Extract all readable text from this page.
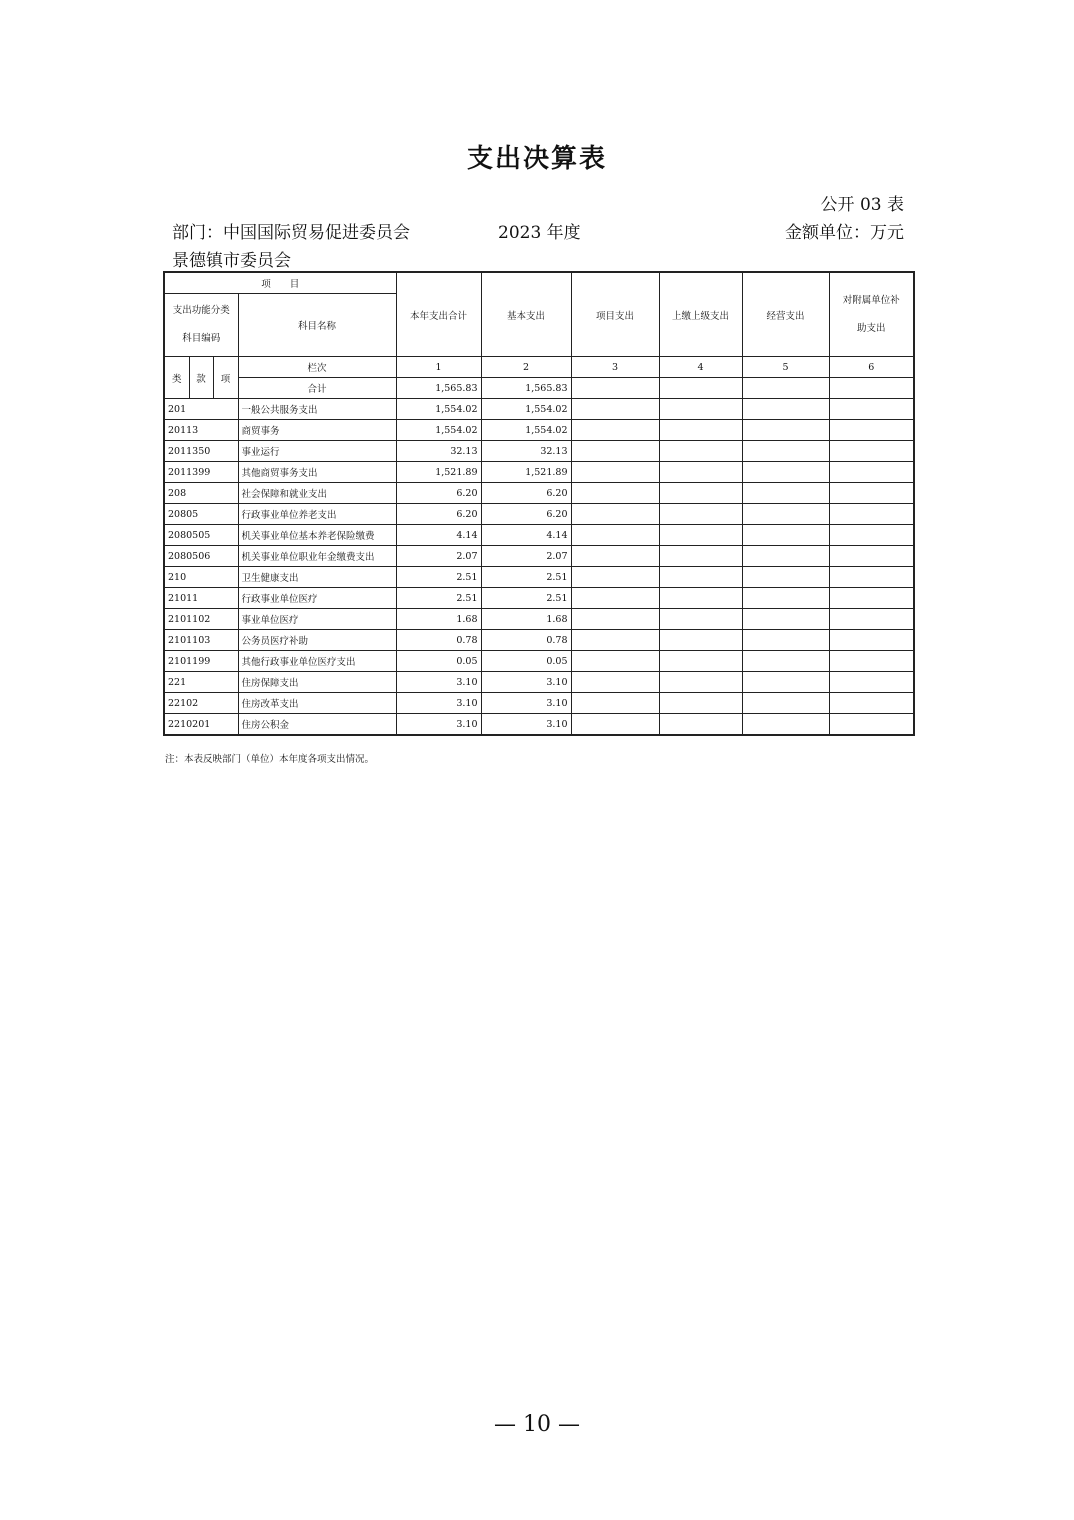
支出决算表
公开 03 表
部门：中国国际贸易促进委员会	2023 年度	金额单位：万元
景德镇市委员会
项　　目				本年支出合计	基本支出	项目支出	上缴上级支出	经营支出	对附属单位补助支出

支出功能分类
科目编码			科目名称						
类	款	项	栏次	1	2	3	4	5	6
			合计	1,565.83	1,565.83				
201			一般公共服务支出	1,554.02	1,554.02				
20113			商贸事务	1,554.02	1,554.02				
2011350			事业运行	32.13	32.13				
2011399			其他商贸事务支出	1,521.89	1,521.89				
208			社会保障和就业支出	6.20	6.20				
20805			行政事业单位养老支出	6.20	6.20				
2080505			机关事业单位基本养老保险缴费	4.14	4.14				
2080506			机关事业单位职业年金缴费支出	2.07	2.07				
210			卫生健康支出	2.51	2.51				
21011			行政事业单位医疗	2.51	2.51				
2101102			事业单位医疗	1.68	1.68				
2101103			公务员医疗补助	0.78	0.78				
2101199			其他行政事业单位医疗支出	0.05	0.05				
221			住房保障支出	3.10	3.10				
22102			住房改革支出	3.10	3.10				
2210201			住房公积金	3.10	3.10				
注：本表反映部门（单位）本年度各项支出情况。
— 10 —
